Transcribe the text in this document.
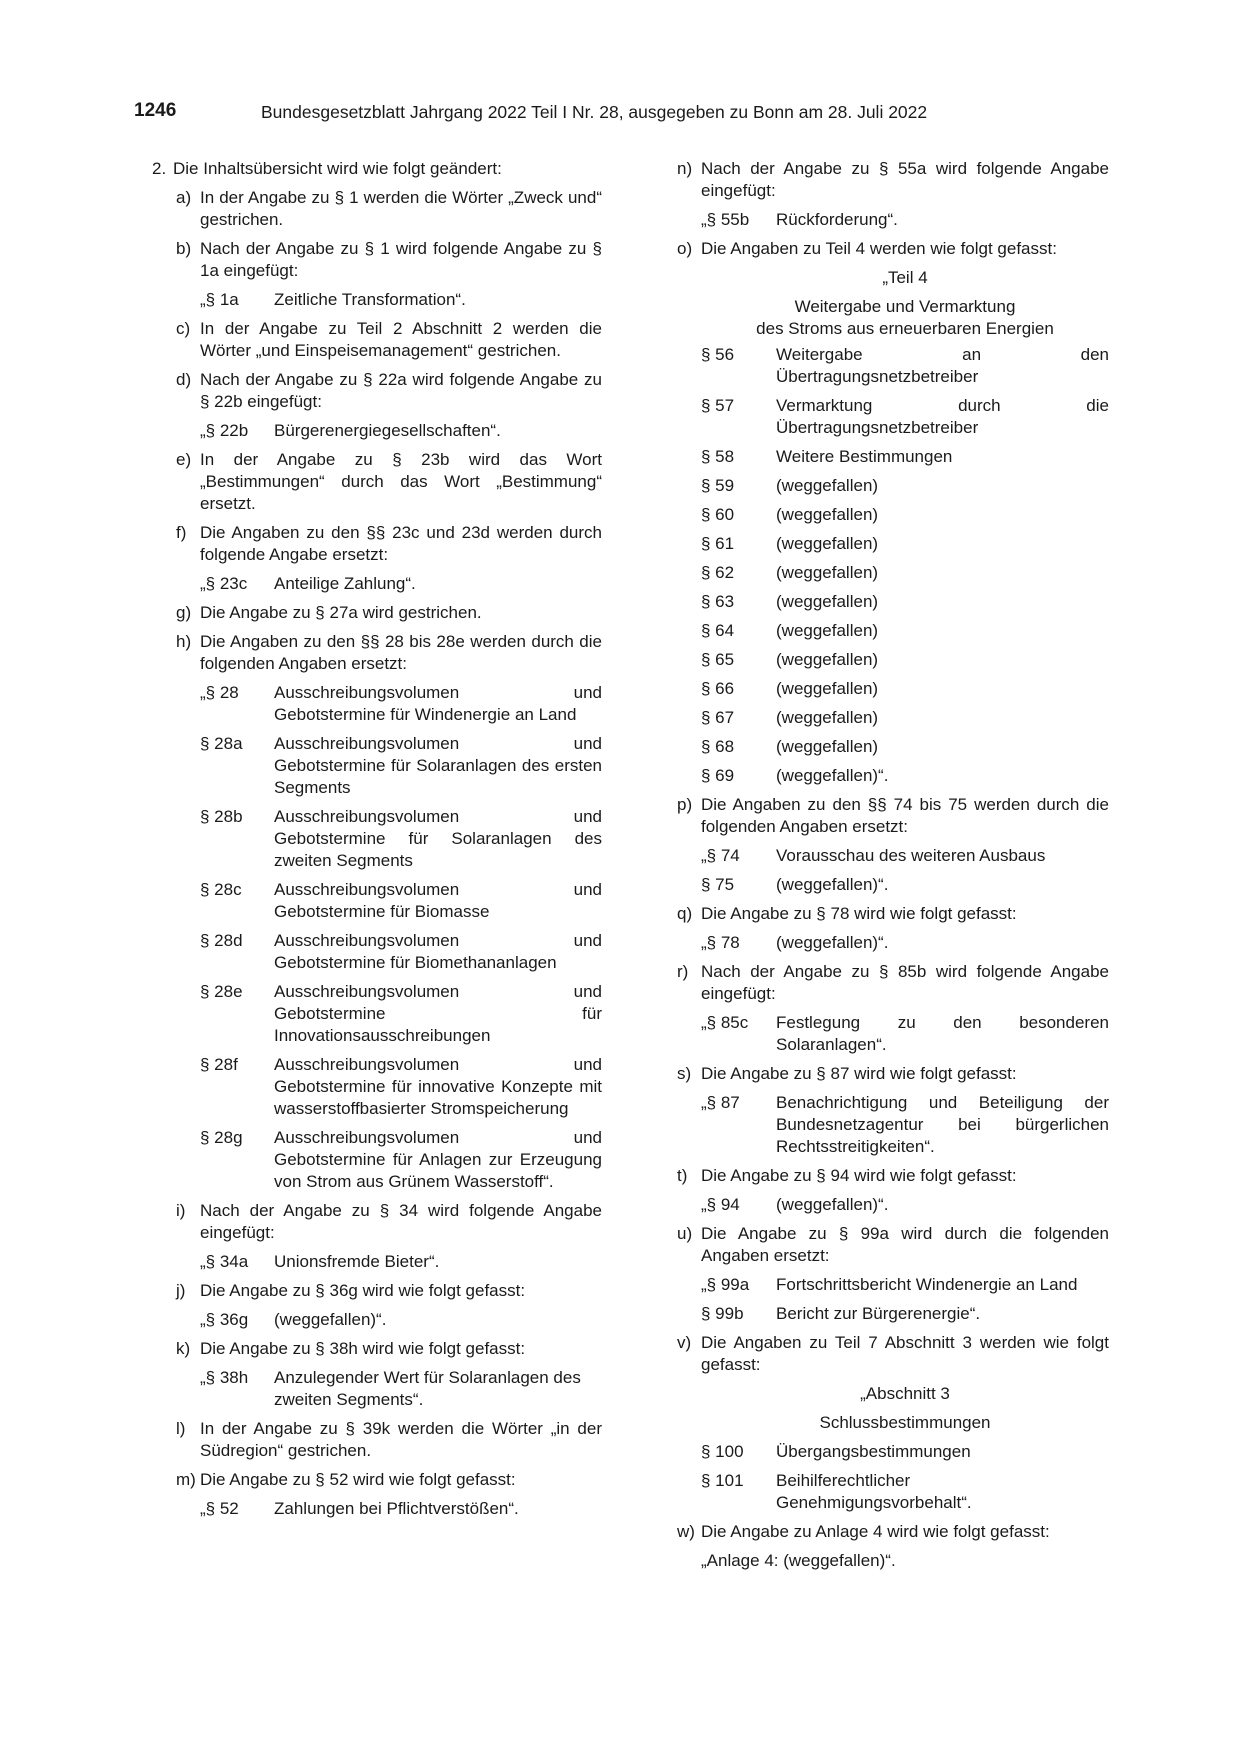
1246	Bundesgesetzblatt Jahrgang 2022 Teil I Nr. 28, ausgegeben zu Bonn am 28. Juli 2022
2. Die Inhaltsübersicht wird wie folgt geändert:
a) In der Angabe zu § 1 werden die Wörter „Zweck und“ gestrichen.
b) Nach der Angabe zu § 1 wird folgende Angabe zu § 1a eingefügt:
„§ 1a Zeitliche Transformation“.
c) In der Angabe zu Teil 2 Abschnitt 2 werden die Wörter „und Einspeisemanagement“ gestrichen.
d) Nach der Angabe zu § 22a wird folgende Angabe zu § 22b eingefügt:
„§ 22b Bürgerenergiegesellschaften“.
e) In der Angabe zu § 23b wird das Wort „Bestimmungen“ durch das Wort „Bestimmung“ ersetzt.
f) Die Angaben zu den §§ 23c und 23d werden durch folgende Angabe ersetzt:
„§ 23c Anteilige Zahlung“.
g) Die Angabe zu § 27a wird gestrichen.
h) Die Angaben zu den §§ 28 bis 28e werden durch die folgenden Angaben ersetzt:
„§ 28 Ausschreibungsvolumen und Gebotstermine für Windenergie an Land
§ 28a Ausschreibungsvolumen und Gebotstermine für Solaranlagen des ersten Segments
§ 28b Ausschreibungsvolumen und Gebotstermine für Solaranlagen des zweiten Segments
§ 28c Ausschreibungsvolumen und Gebotstermine für Biomasse
§ 28d Ausschreibungsvolumen und Gebotstermine für Biomethananlagen
§ 28e Ausschreibungsvolumen und Gebotstermine für Innovationsausschreibungen
§ 28f Ausschreibungsvolumen und Gebotstermine für innovative Konzepte mit wasserstoffbasierter Stromspeicherung
§ 28g Ausschreibungsvolumen und Gebotstermine für Anlagen zur Erzeugung von Strom aus Grünem Wasserstoff“.
i) Nach der Angabe zu § 34 wird folgende Angabe eingefügt:
„§ 34a Unionsfremde Bieter“.
j) Die Angabe zu § 36g wird wie folgt gefasst:
„§ 36g (weggefallen)“.
k) Die Angabe zu § 38h wird wie folgt gefasst:
„§ 38h Anzulegender Wert für Solaranlagen des zweiten Segments“.
l) In der Angabe zu § 39k werden die Wörter „in der Südregion“ gestrichen.
m) Die Angabe zu § 52 wird wie folgt gefasst:
„§ 52 Zahlungen bei Pflichtverstößen“.
n) Nach der Angabe zu § 55a wird folgende Angabe eingefügt:
„§ 55b Rückforderung“.
o) Die Angaben zu Teil 4 werden wie folgt gefasst:
„Teil 4
Weitergabe und Vermarktung
des Stroms aus erneuerbaren Energien
§ 56 Weitergabe an den Übertragungsnetzbetreiber
§ 57 Vermarktung durch die Übertragungsnetzbetreiber
§ 58 Weitere Bestimmungen
§ 59 (weggefallen)
§ 60 (weggefallen)
§ 61 (weggefallen)
§ 62 (weggefallen)
§ 63 (weggefallen)
§ 64 (weggefallen)
§ 65 (weggefallen)
§ 66 (weggefallen)
§ 67 (weggefallen)
§ 68 (weggefallen)
§ 69 (weggefallen)“.
p) Die Angaben zu den §§ 74 bis 75 werden durch die folgenden Angaben ersetzt:
„§ 74 Vorausschau des weiteren Ausbaus
§ 75 (weggefallen)“.
q) Die Angabe zu § 78 wird wie folgt gefasst:
„§ 78 (weggefallen)“.
r) Nach der Angabe zu § 85b wird folgende Angabe eingefügt:
„§ 85c Festlegung zu den besonderen Solaranlagen“.
s) Die Angabe zu § 87 wird wie folgt gefasst:
„§ 87 Benachrichtigung und Beteiligung der Bundesnetzagentur bei bürgerlichen Rechtsstreitigkeiten“.
t) Die Angabe zu § 94 wird wie folgt gefasst:
„§ 94 (weggefallen)“.
u) Die Angabe zu § 99a wird durch die folgenden Angaben ersetzt:
„§ 99a Fortschrittsbericht Windenergie an Land
§ 99b Bericht zur Bürgerenergie“.
v) Die Angaben zu Teil 7 Abschnitt 3 werden wie folgt gefasst:
„Abschnitt 3
Schlussbestimmungen
§ 100 Übergangsbestimmungen
§ 101 Beihilferechtlicher Genehmigungsvorbehalt“.
w) Die Angabe zu Anlage 4 wird wie folgt gefasst:
„Anlage 4: (weggefallen)“.
